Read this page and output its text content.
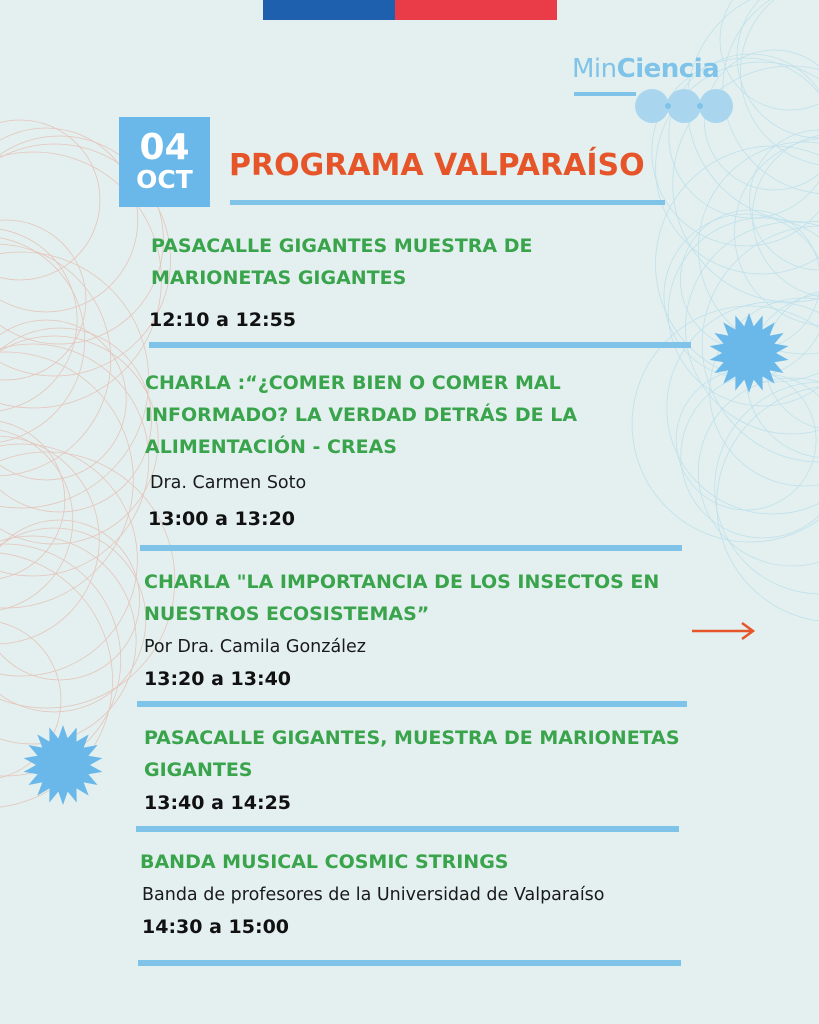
MinCiencia
04
OCT	PROGRAMA VALPARAÍSO

PASACALLE GIGANTES MUESTRA DE
MARIONETAS GIGANTES

12:10 a 12:55

CHARLA :“¿COMER BIEN O COMER MAL
INFORMADO? LA VERDAD DETRÁS DE LA
ALIMENTACIÓN - CREAS

Dra. Carmen Soto
13:00 a 13:20

CHARLA "LA IMPORTANCIA DE LOS INSECTOS EN
NUESTROS ECOSISTEMAS”

Por Dra. Camila González
13:20 a 13:40

PASACALLE GIGANTES, MUESTRA DE MARIONETAS
GIGANTES

13:40 a 14:25

BANDA MUSICAL COSMIC STRINGS

Banda de profesores de la Universidad de Valparaíso
14:30 a 15:00
